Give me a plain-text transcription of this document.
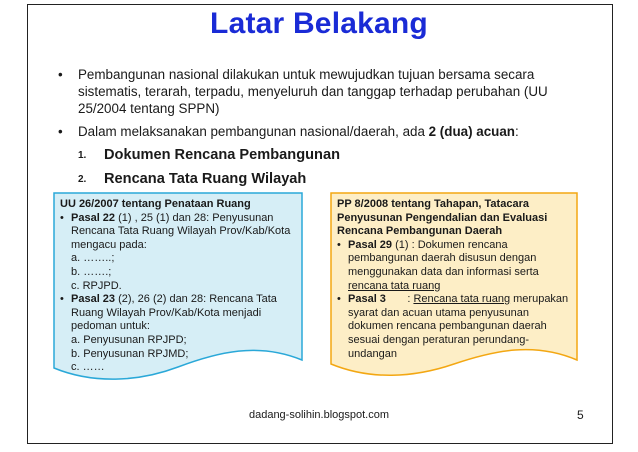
Latar Belakang
• Pembangunan nasional dilakukan untuk mewujudkan tujuan bersama secara sistematis, terarah, terpadu, menyeluruh dan tanggap terhadap perubahan (UU 25/2004 tentang SPPN)
• Dalam melaksanakan pembangunan nasional/daerah, ada 2 (dua) acuan:
1. Dokumen Rencana Pembangunan
2. Rencana Tata Ruang Wilayah
UU 26/2007 tentang Penataan Ruang
• Pasal 22 (1) , 25 (1) dan 28: Penyusunan Rencana Tata Ruang Wilayah Prov/Kab/Kota mengacu pada:
a. ……..;
b. …….;
c. RPJPD.
• Pasal 23 (2), 26 (2) dan 28: Rencana Tata Ruang Wilayah Prov/Kab/Kota menjadi pedoman untuk:
a. Penyusunan RPJPD;
b. Penyusunan RPJMD;
c. ……
PP 8/2008 tentang Tahapan, Tatacara Penyusunan Pengendalian dan Evaluasi Rencana Pembangunan Daerah
• Pasal 29 (1) : Dokumen rencana pembangunan daerah disusun dengan menggunakan data dan informasi serta rencana tata ruang
• Pasal 3       : Rencana tata ruang merupakan syarat dan acuan utama penyusunan dokumen rencana pembangunan daerah sesuai dengan peraturan perundang-undangan
dadang-solihin.blogspot.com	5
